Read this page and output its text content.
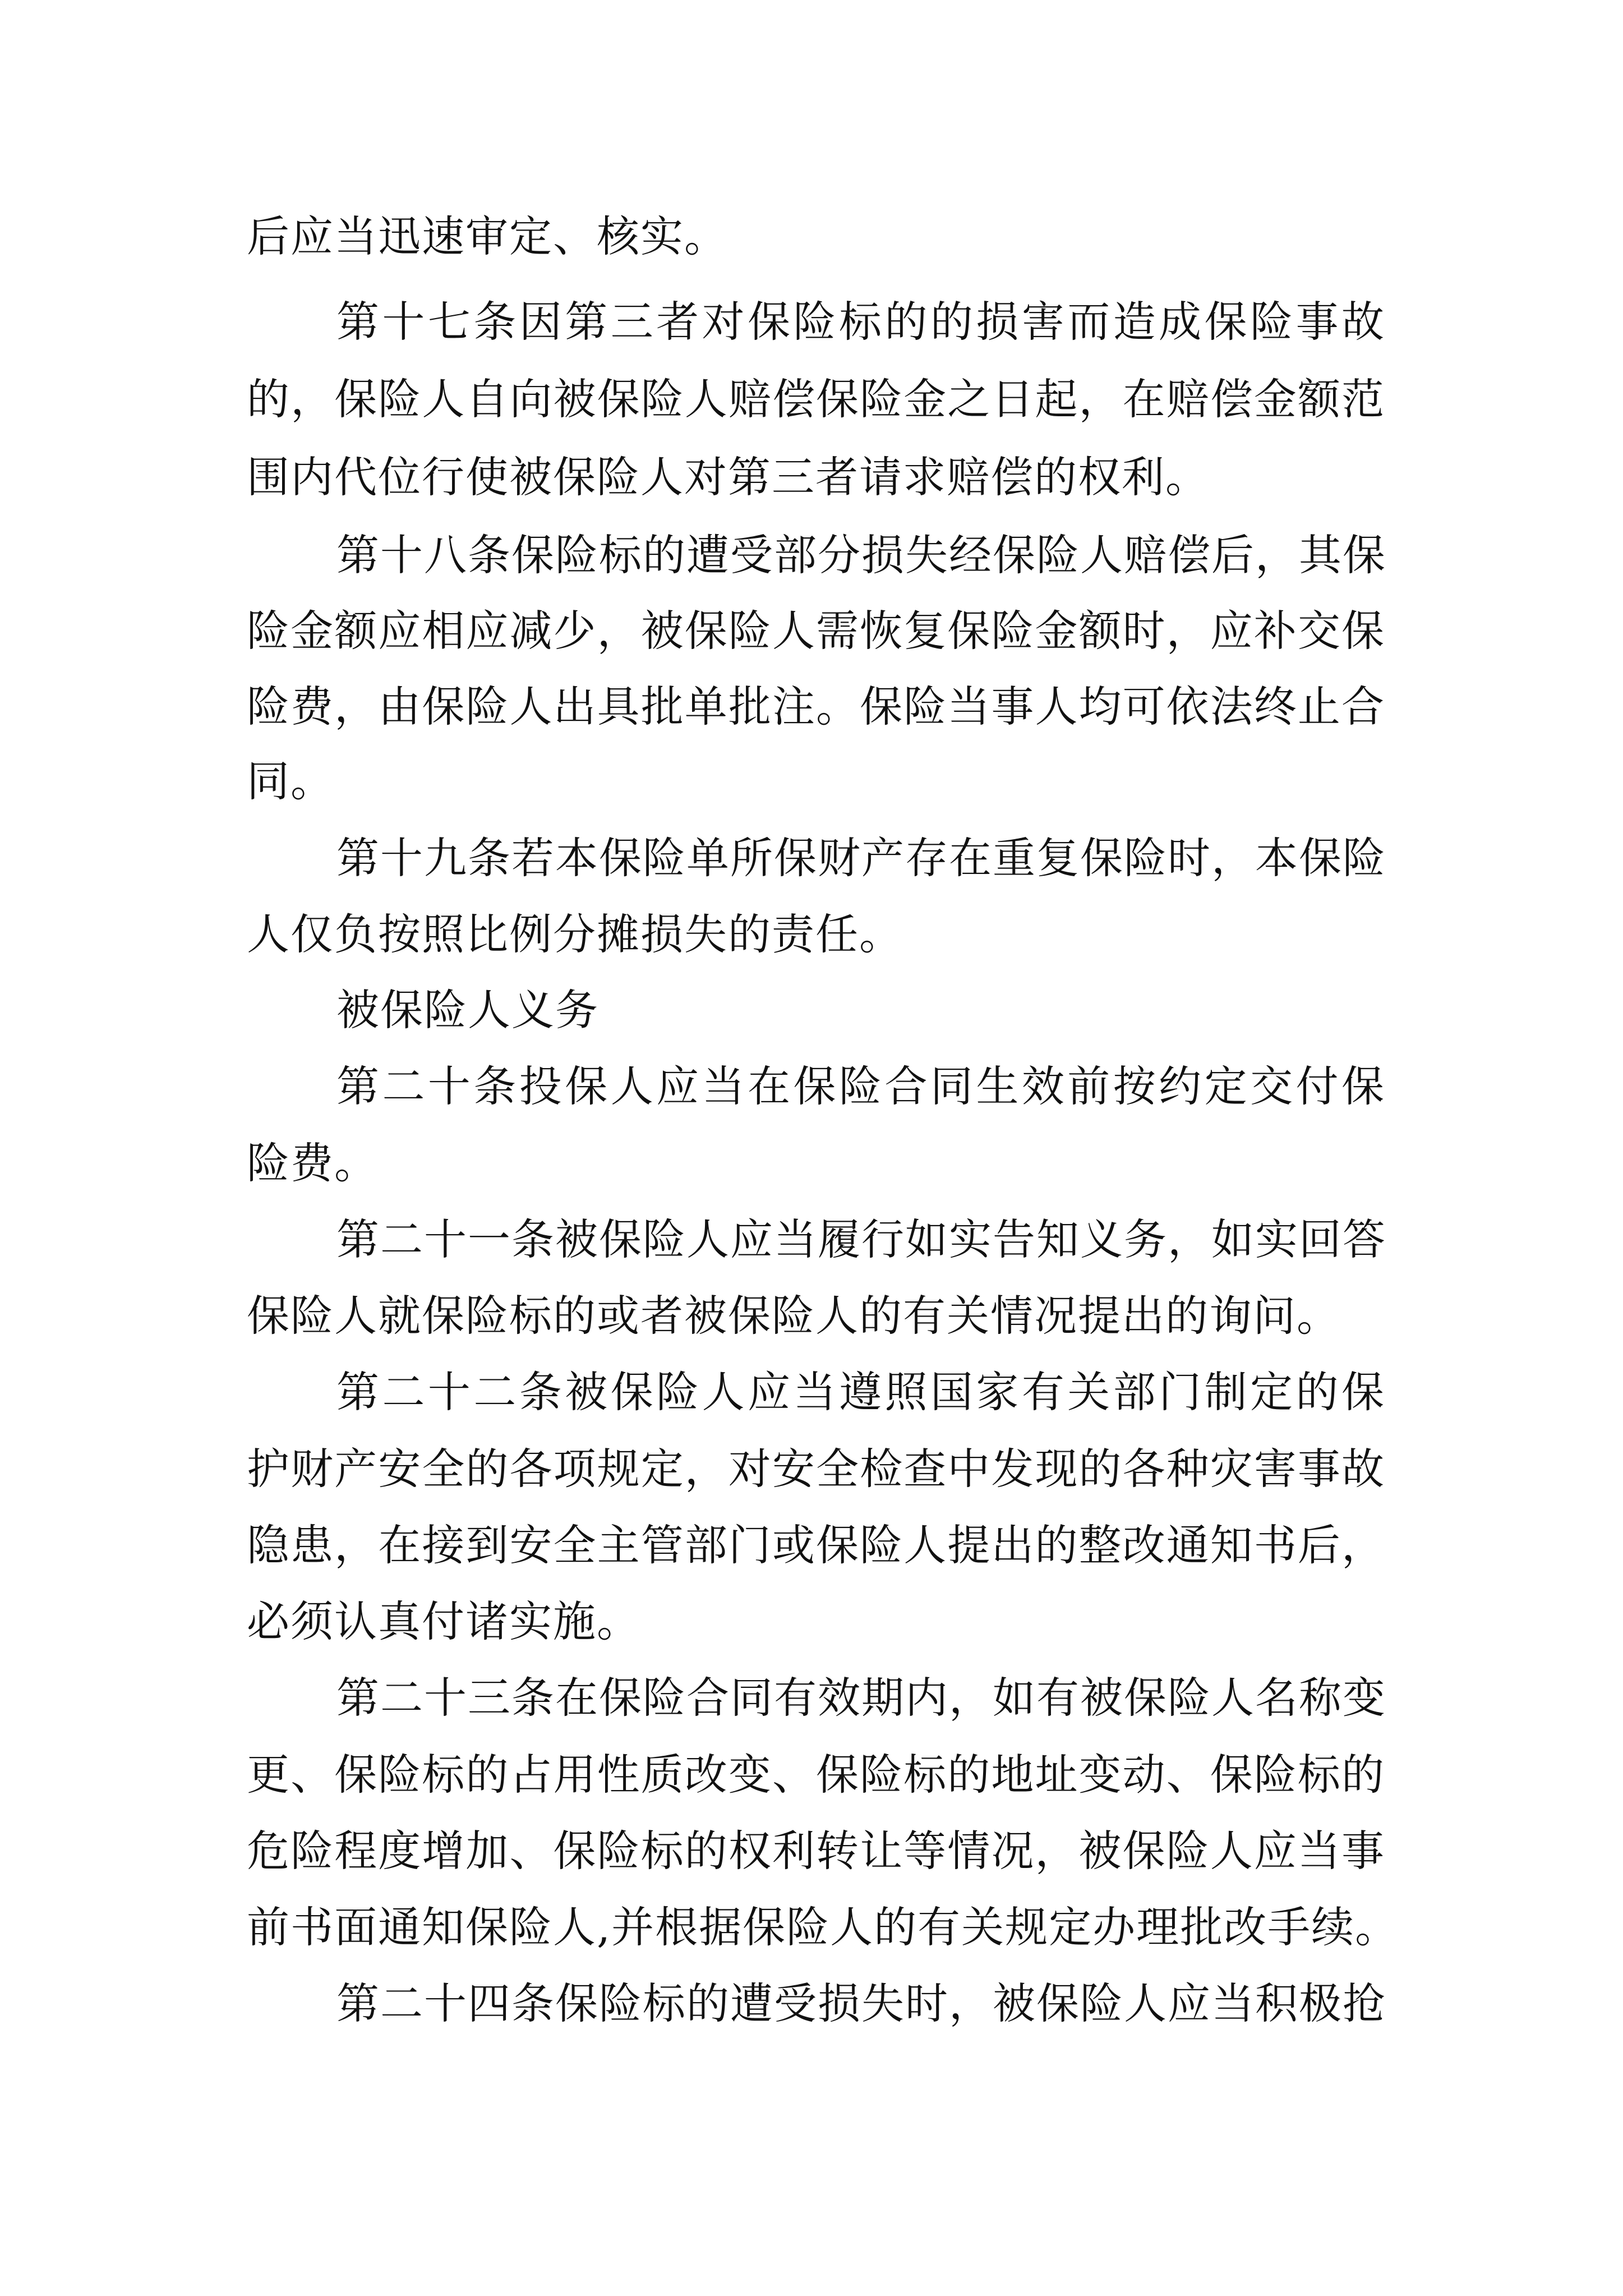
后应当迅速审定、核实。
第十七条因第三者对保险标的的损害而造成保险事故
的，保险人自向被保险人赔偿保险金之日起，在赔偿金额范
围内代位行使被保险人对第三者请求赔偿的权利。
第十八条保险标的遭受部分损失经保险人赔偿后，其保
险金额应相应减少，被保险人需恢复保险金额时，应补交保
险费，由保险人出具批单批注。保险当事人均可依法终止合
同。
第十九条若本保险单所保财产存在重复保险时，本保险
人仅负按照比例分摊损失的责任。
被保险人义务
第二十条投保人应当在保险合同生效前按约定交付保
险费。
第二十一条被保险人应当履行如实告知义务，如实回答
保险人就保险标的或者被保险人的有关情况提出的询问。
第二十二条被保险人应当遵照国家有关部门制定的保
护财产安全的各项规定，对安全检查中发现的各种灾害事故
隐患，在接到安全主管部门或保险人提出的整改通知书后，
必须认真付诸实施。
第二十三条在保险合同有效期内，如有被保险人名称变
更、保险标的占用性质改变、保险标的地址变动、保险标的
危险程度增加、保险标的权利转让等情况，被保险人应当事
前书面通知保险人,并根据保险人的有关规定办理批改手续。
第二十四条保险标的遭受损失时，被保险人应当积极抢
